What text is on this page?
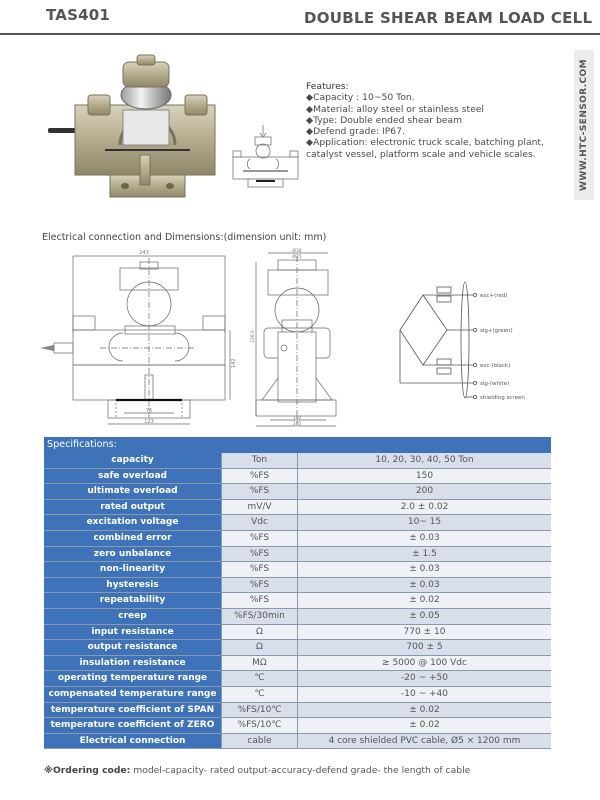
TAS401	DOUBLE SHEAR BEAM LOAD CELL
WWW.HTC-SENSOR.COM
Features:
◆Capacity : 10~50 Ton.
◆Material: alloy steel or stainless steel
◆Type: Double ended shear beam
◆Defend grade: IP67.
◆Application: electronic truck scale, batching plant,
catalyst vessel, platform scale and vehicle scales.
Electrical connection and Dimensions:(dimension unit: mm)
243
142
76
123
Ø38
Ø25
226.5
140
160
exc+(red)
sig+(green)
exc-(black)
sig-(white)
shielding screen
Specifications:
capacity	Ton	10, 20, 30, 40, 50 Ton
safe overload	%FS	150
ultimate overload	%FS	200
rated output	mV/V	2.0 ± 0.02
excitation voltage	Vdc	10~ 15
combined error	%FS	± 0.03
zero unbalance	%FS	± 1.5
non-linearity	%FS	± 0.03
hysteresis	%FS	± 0.03
repeatability	%FS	± 0.02
creep	%FS/30min	± 0.05
input resistance	Ω	770 ± 10
output resistance	Ω	700 ± 5
insulation resistance	MΩ	≥ 5000 @ 100 Vdc
operating temperature range	℃	-20 ~ +50
compensated temperature range	℃	-10 ~ +40
temperature coefficient of SPAN	%FS/10℃	± 0.02
temperature coefficient of ZERO	%FS/10℃	± 0.02
Electrical connection	cable	4 core shielded PVC cable, Ø5 × 1200 mm
※Ordering code: model-capacity- rated output-accuracy-defend grade- the length of cable
